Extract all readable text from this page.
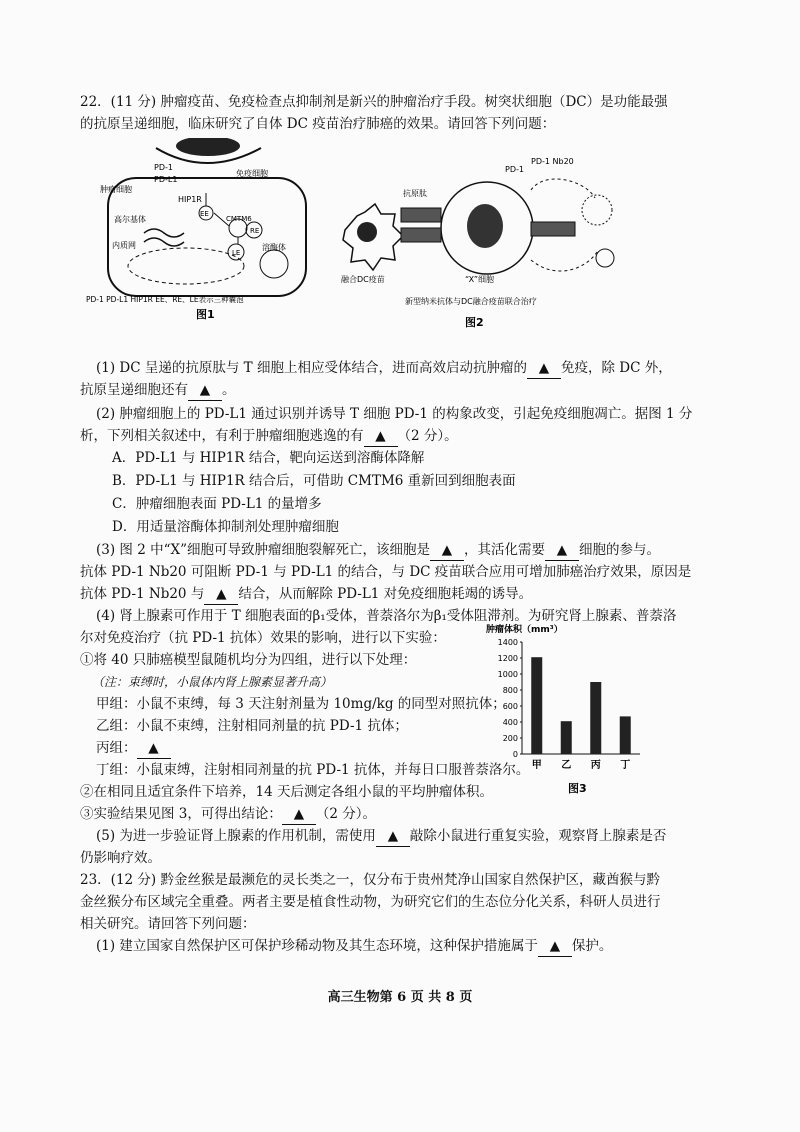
22．(11 分) 肿瘤疫苗、免疫检查点抑制剂是新兴的肿瘤治疗手段。树突状细胞（DC）是功能最强
的抗原呈递细胞，临床研究了自体 DC 疫苗治疗肺癌的效果。请回答下列问题：
PD-1
PD-L1
免疫细胞
肿瘤细胞
HIP1R
高尔基体
内质网
EE
CMTM6
RE
LE
溶酶体
PD-1 PD-L1 HIP1R EE、RE、LE表示三种囊泡
图1
PD-1
PD-1 Nb20
抗原肽
融合DC疫苗	“X”细胞
新型纳米抗体与DC融合疫苗联合治疗
图2
(1) DC 呈递的抗原肽与 T 细胞上相应受体结合，进而高效启动抗肿瘤的 ▲ 免疫，除 DC 外，
抗原呈递细胞还有 ▲ 。
(2) 肿瘤细胞上的 PD-L1 通过识别并诱导 T 细胞 PD-1 的构象改变，引起免疫细胞凋亡。据图 1 分
析，下列相关叙述中，有利于肿瘤细胞逃逸的有 ▲ （2 分）。
A．PD-L1 与 HIP1R 结合，靶向运送到溶酶体降解
B．PD-L1 与 HIP1R 结合后，可借助 CMTM6 重新回到细胞表面
C．肿瘤细胞表面 PD-L1 的量增多
D．用适量溶酶体抑制剂处理肿瘤细胞
(3) 图 2 中“X”细胞可导致肿瘤细胞裂解死亡，该细胞是 ▲ ，其活化需要 ▲ 细胞的参与。
抗体 PD-1 Nb20 可阻断 PD-1 与 PD-L1 的结合，与 DC 疫苗联合应用可增加肺癌治疗效果，原因是
抗体 PD-1 Nb20 与 ▲ 结合，从而解除 PD-L1 对免疫细胞耗竭的诱导。
(4) 肾上腺素可作用于 T 细胞表面的β₁受体，普萘洛尔为β₁受体阻滞剂。为研究肾上腺素、普萘洛
尔对免疫治疗（抗 PD-1 抗体）效果的影响，进行以下实验：
①将 40 只肺癌模型鼠随机均分为四组，进行以下处理：
（注：束缚时，小鼠体内肾上腺素显著升高）
甲组：小鼠不束缚，每 3 天注射剂量为 10mg/kg 的同型对照抗体；
乙组：小鼠不束缚，注射相同剂量的抗 PD-1 抗体；
丙组： ▲
丁组：小鼠束缚，注射相同剂量的抗 PD-1 抗体，并每日口服普萘洛尔。
②在相同且适宜条件下培养，14 天后测定各组小鼠的平均肿瘤体积。
③实验结果见图 3，可得出结论： ▲ （2 分）。
肿瘤体积（mm³）
1400
1200
1000
800
600
400
200
0
甲 乙 丙 丁
图3
(5) 为进一步验证肾上腺素的作用机制，需使用 ▲ 敲除小鼠进行重复实验，观察肾上腺素是否
仍影响疗效。
23．(12 分) 黔金丝猴是最濒危的灵长类之一，仅分布于贵州梵净山国家自然保护区，藏酋猴与黔
金丝猴分布区域完全重叠。两者主要是植食性动物，为研究它们的生态位分化关系，科研人员进行
相关研究。请回答下列问题：
(1) 建立国家自然保护区可保护珍稀动物及其生态环境，这种保护措施属于 ▲ 保护。
高三生物第 6 页 共 8 页
